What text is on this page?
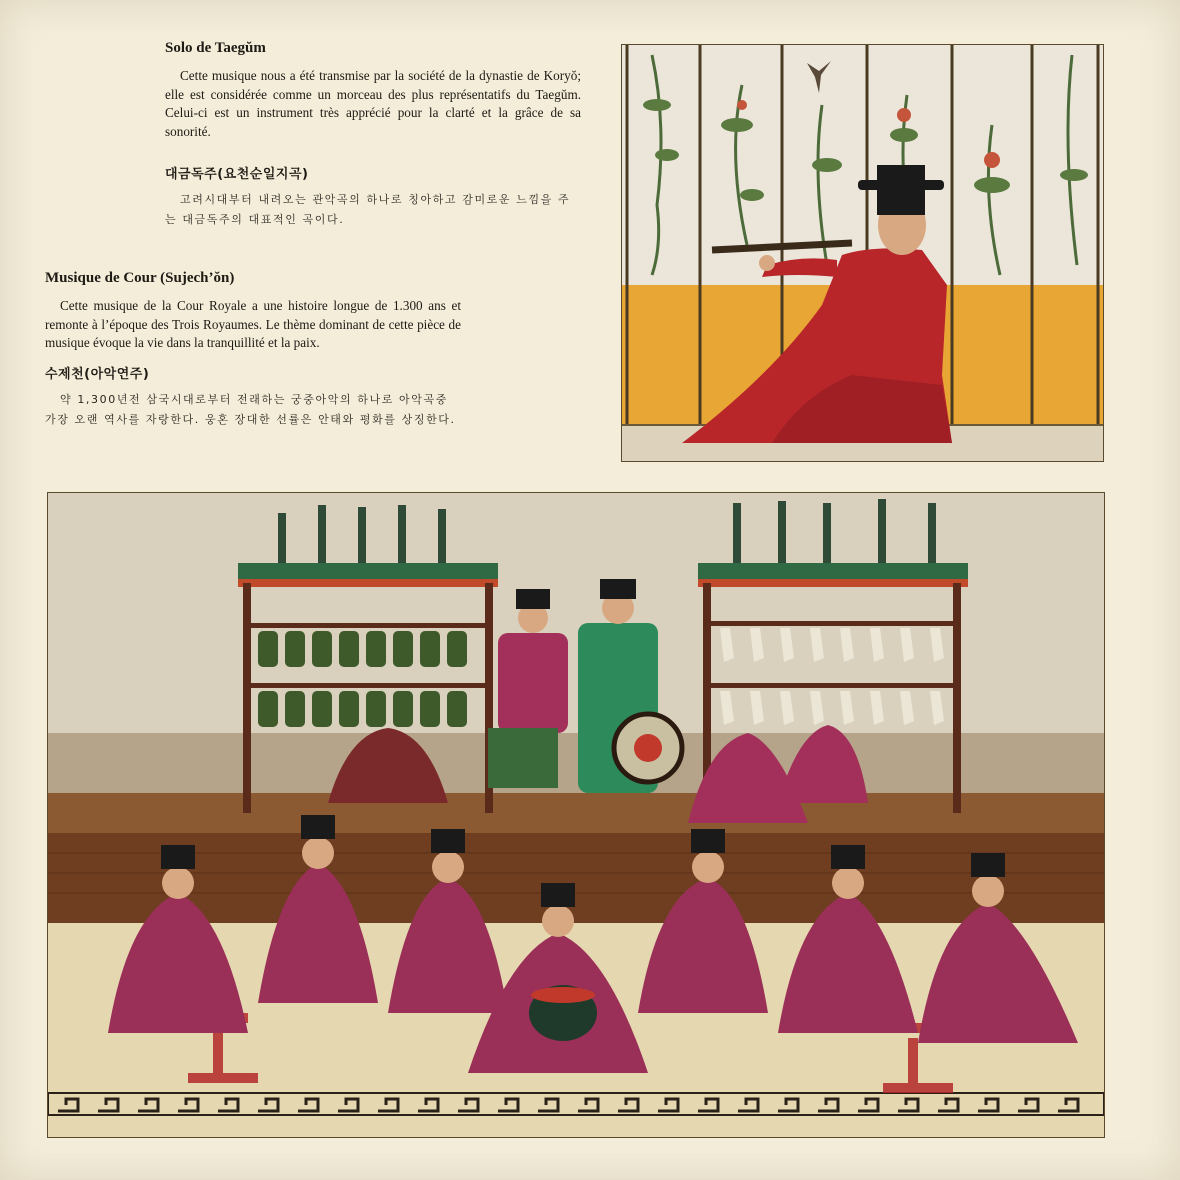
Solo de Taegŭm

Cette musique nous a été transmise par la société de la dynastie de Koryŏ; elle est considérée comme un morceau des plus représentatifs du Taegŭm. Celui-ci est un instrument très apprécié pour la clarté et la grâce de sa sonorité.

대금독주(요천순일지곡)

고려시대부터 내려오는 관악곡의 하나로 칭아하고 감미로운 느낌을 주는 대금독주의 대표적인 곡이다.

Musique de Cour (Sujech’ŏn)

Cette musique de la Cour Royale a une histoire longue de 1.300 ans et remonte à l’époque des Trois Royaumes. Le thème dominant de cette pièce de musique évoque la vie dans la tranquillité et la paix.

수제천(아악연주)

약 1,300년전 삼국시대로부터 전래하는 궁중아악의 하나로 아악곡중 가장 오랜 역사를 자랑한다. 웅혼 장대한 선률은 안태와 평화를 상징한다.
